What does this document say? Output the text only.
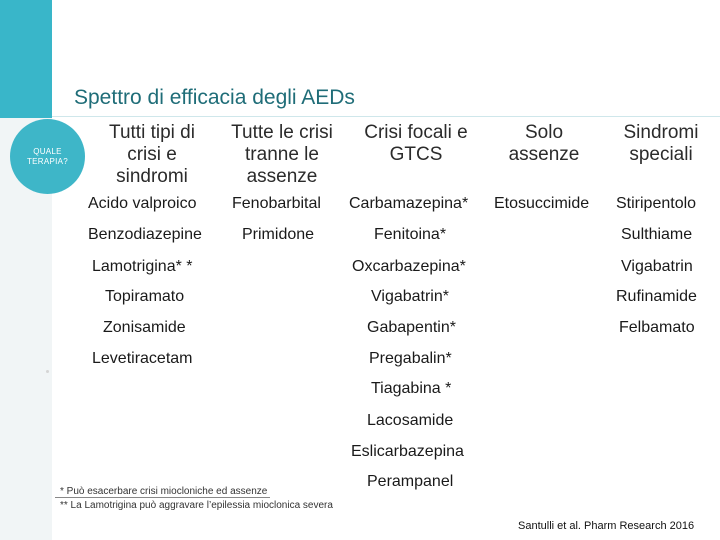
QUALE TERAPIA?
Spettro di efficacia degli AEDs
Tutti tipi di crisi e sindromi
Tutte le crisi tranne le assenze
Crisi focali e GTCS
Solo assenze
Sindromi speciali
Acido valproico
Benzodiazepine
Lamotrigina* *
Topiramato
Zonisamide
Levetiracetam
Fenobarbital
Primidone
Carbamazepina*
Fenitoina*
Oxcarbazepina*
Vigabatrin*
Gabapentin*
Pregabalin*
Tiagabina *
Lacosamide
Eslicarbazepina
Perampanel
Etosuccimide Stiripentolo
Sulthiame
Vigabatrin
Rufinamide
Felbamato
* Può esacerbare crisi miocloniche ed assenze
** La Lamotrigina può aggravare l’epilessia mioclonica severa
Santulli et al. Pharm Research 2016
